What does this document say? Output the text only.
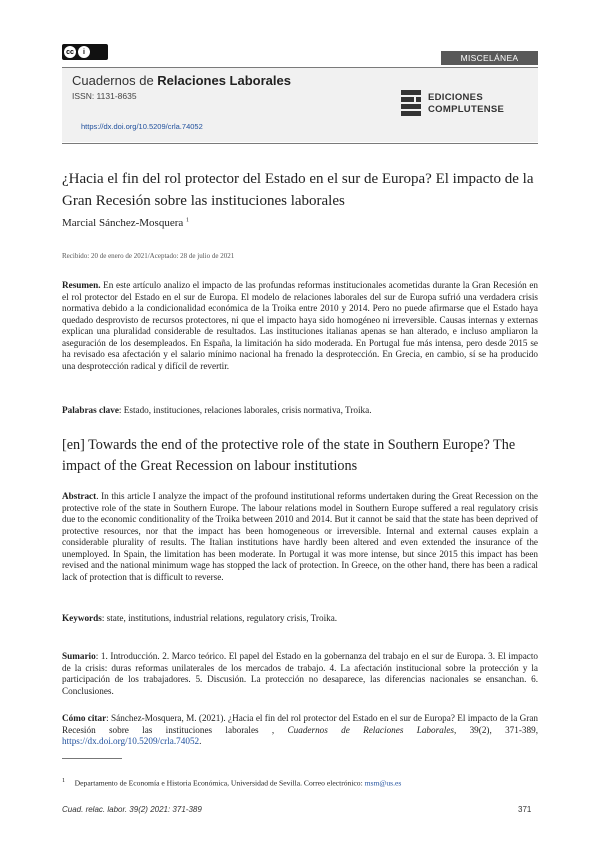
cc	i
MISCELÁNEA
Cuadernos de Relaciones Laborales
ISSN: 1131-8635
https://dx.doi.org/10.5209/crla.74052
EDICIONES
COMPLUTENSE
¿Hacia el fin del rol protector del Estado en el sur de Europa? El impacto de la Gran Recesión sobre las instituciones laborales
Marcial Sánchez-Mosquera $^1$
Recibido: 20 de enero de 2021/Aceptado: 28 de julio de 2021
Resumen. En este artículo analizo el impacto de las profundas reformas institucionales acometidas durante la Gran Recesión en el rol protector del Estado en el sur de Europa. El modelo de relaciones laborales del sur de Europa sufrió una verdadera crisis normativa debido a la condicionalidad económica de la Troika entre 2010 y 2014. Pero no puede afirmarse que el Estado haya quedado desprovisto de recursos protectores, ni que el impacto haya sido homogéneo ni irreversible. Causas internas y externas explican una pluralidad considerable de resultados. Las instituciones italianas apenas se han alterado, e incluso ampliaron la aseguración de los desempleados. En España, la limitación ha sido moderada. En Portugal fue más intensa, pero desde 2015 se ha revisado esa afectación y el salario mínimo nacional ha frenado la desprotección. En Grecia, en cambio, sí se ha producido una desprotección radical y difícil de revertir.
Palabras clave: Estado, instituciones, relaciones laborales, crisis normativa, Troika.
[en] Towards the end of the protective role of the state in Southern Europe? The impact of the Great Recession on labour institutions
Abstract. In this article I analyze the impact of the profound institutional reforms undertaken during the Great Recession on the protective role of the state in Southern Europe. The labour relations model in Southern Europe suffered a real regulatory crisis due to the economic conditionality of the Troika between 2010 and 2014. But it cannot be said that the state has been deprived of protective resources, nor that the impact has been homogeneous or irreversible. Internal and external causes explain a considerable plurality of results. The Italian institutions have hardly been altered and even extended the insurance of the unemployed. In Spain, the limitation has been moderate. In Portugal it was more intense, but since 2015 this impact has been revised and the national minimum wage has stopped the lack of protection. In Greece, on the other hand, there has been a radical lack of protection that is difficult to reverse.
Keywords: state, institutions, industrial relations, regulatory crisis, Troika.
Sumario: 1. Introducción. 2. Marco teórico. El papel del Estado en la gobernanza del trabajo en el sur de Europa. 3. El impacto de la crisis: duras reformas unilaterales de los mercados de trabajo. 4. La afectación institucional sobre la protección y la participación de los trabajadores. 5. Discusión. La protección no desaparece, las diferencias nacionales se ensanchan. 6. Conclusiones.
Cómo citar: Sánchez-Mosquera, M. (2021). ¿Hacia el fin del rol protector del Estado en el sur de Europa? El impacto de la Gran Recesión sobre las instituciones laborales , Cuadernos de Relaciones Laborales, 39(2), 371-389, https://dx.doi.org/10.5209/crla.74052.
$^1$ Departamento de Economía e Historia Económica, Universidad de Sevilla. Correo electrónico: msm@us.es
Cuad. relac. labor. 39(2) 2021: 371-389	371
